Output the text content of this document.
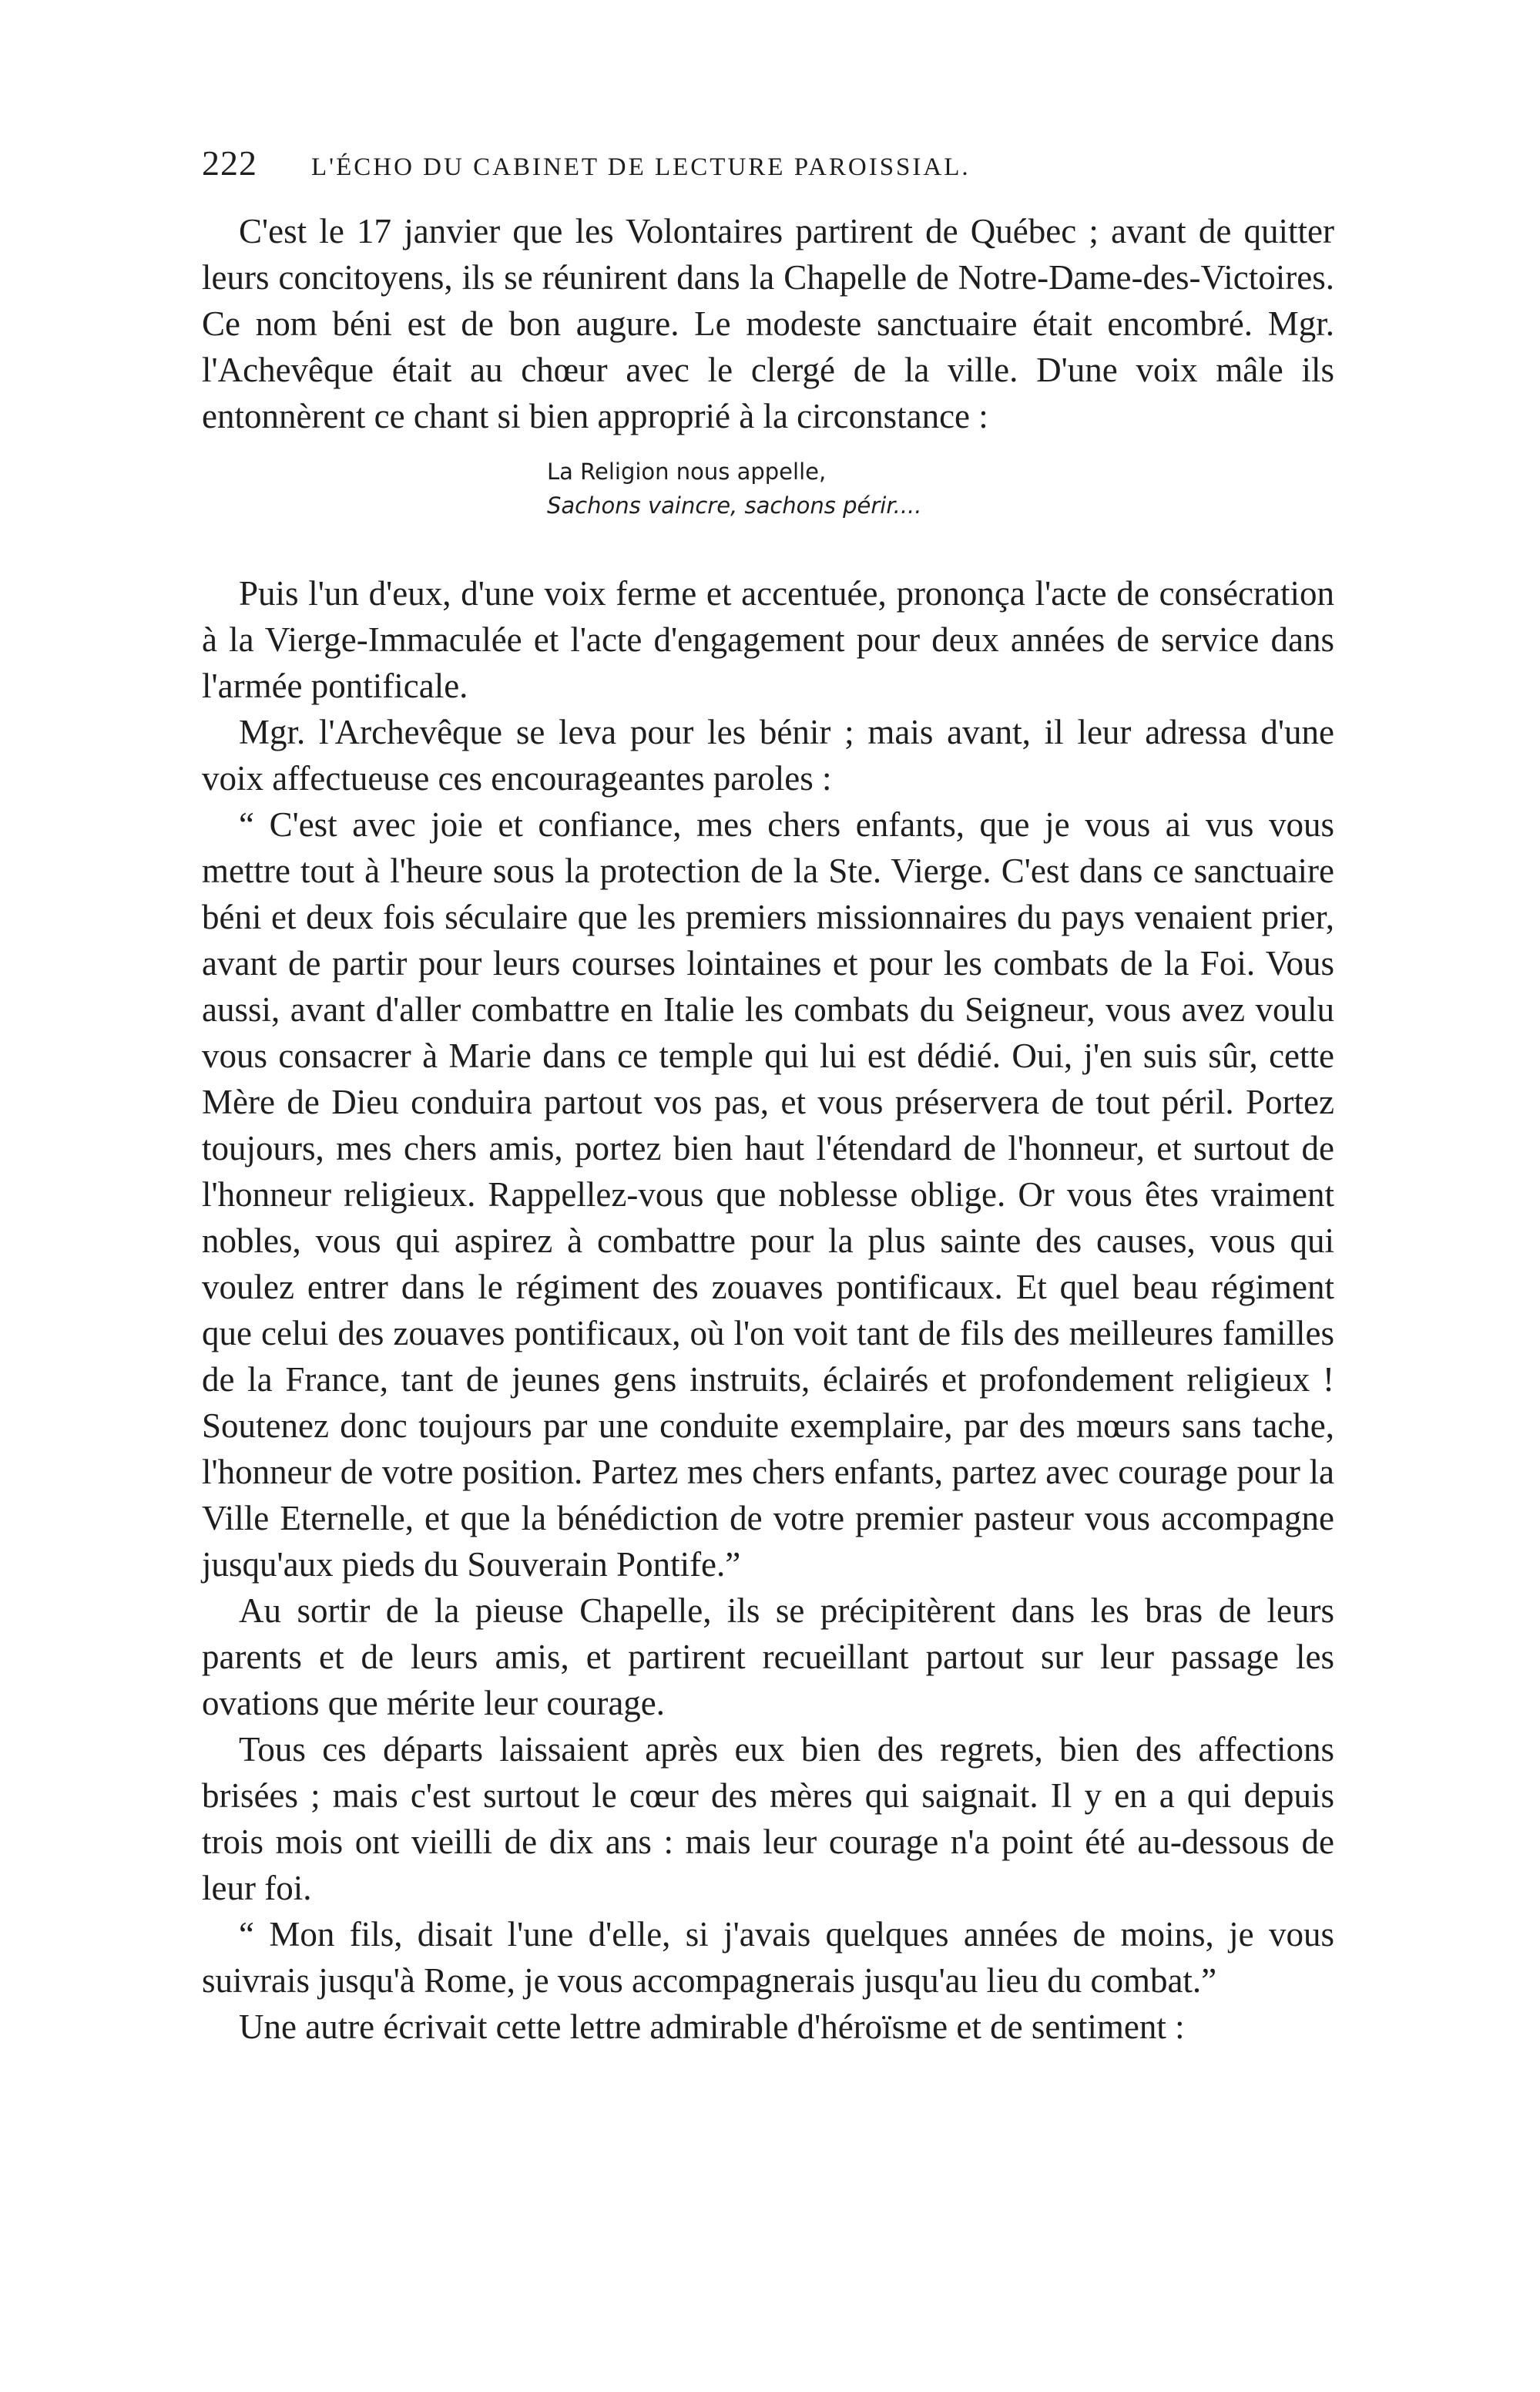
222 L'ÉCHO DU CABINET DE LECTURE PAROISSIAL.

C'est le 17 janvier que les Volontaires partirent de Québec ; avant de quitter leurs concitoyens, ils se réunirent dans la Chapelle de Notre-Dame-des-Victoires. Ce nom béni est de bon augure. Le modeste sanctuaire était encombré. Mgr. l'Achevêque était au chœur avec le clergé de la ville. D'une voix mâle ils entonnèrent ce chant si bien approprié à la circonstance :

La Religion nous appelle,
Sachons vaincre, sachons périr....

Puis l'un d'eux, d'une voix ferme et accentuée, prononça l'acte de consécration à la Vierge-Immaculée et l'acte d'engagement pour deux années de service dans l'armée pontificale.

Mgr. l'Archevêque se leva pour les bénir ; mais avant, il leur adressa d'une voix affectueuse ces encourageantes paroles :

“ C'est avec joie et confiance, mes chers enfants, que je vous ai vus vous mettre tout à l'heure sous la protection de la Ste. Vierge. C'est dans ce sanctuaire béni et deux fois séculaire que les premiers missionnaires du pays venaient prier, avant de partir pour leurs courses lointaines et pour les combats de la Foi. Vous aussi, avant d'aller combattre en Italie les combats du Seigneur, vous avez voulu vous consacrer à Marie dans ce temple qui lui est dédié. Oui, j'en suis sûr, cette Mère de Dieu conduira partout vos pas, et vous préservera de tout péril. Portez toujours, mes chers amis, portez bien haut l'étendard de l'honneur, et surtout de l'honneur religieux. Rappellez-vous que noblesse oblige. Or vous êtes vraiment nobles, vous qui aspirez à combattre pour la plus sainte des causes, vous qui voulez entrer dans le régiment des zouaves pontificaux. Et quel beau régiment que celui des zouaves pontificaux, où l'on voit tant de fils des meilleures familles de la France, tant de jeunes gens instruits, éclairés et profondement religieux ! Soutenez donc toujours par une conduite exemplaire, par des mœurs sans tache, l'honneur de votre position. Partez mes chers enfants, partez avec courage pour la Ville Eternelle, et que la bénédiction de votre premier pasteur vous accompagne jusqu'aux pieds du Souverain Pontife.”

Au sortir de la pieuse Chapelle, ils se précipitèrent dans les bras de leurs parents et de leurs amis, et partirent recueillant partout sur leur passage les ovations que mérite leur courage.

Tous ces départs laissaient après eux bien des regrets, bien des affections brisées ; mais c'est surtout le cœur des mères qui saignait. Il y en a qui depuis trois mois ont vieilli de dix ans : mais leur courage n'a point été au-dessous de leur foi.

“ Mon fils, disait l'une d'elle, si j'avais quelques années de moins, je vous suivrais jusqu'à Rome, je vous accompagnerais jusqu'au lieu du combat.”

Une autre écrivait cette lettre admirable d'héroïsme et de sentiment :
